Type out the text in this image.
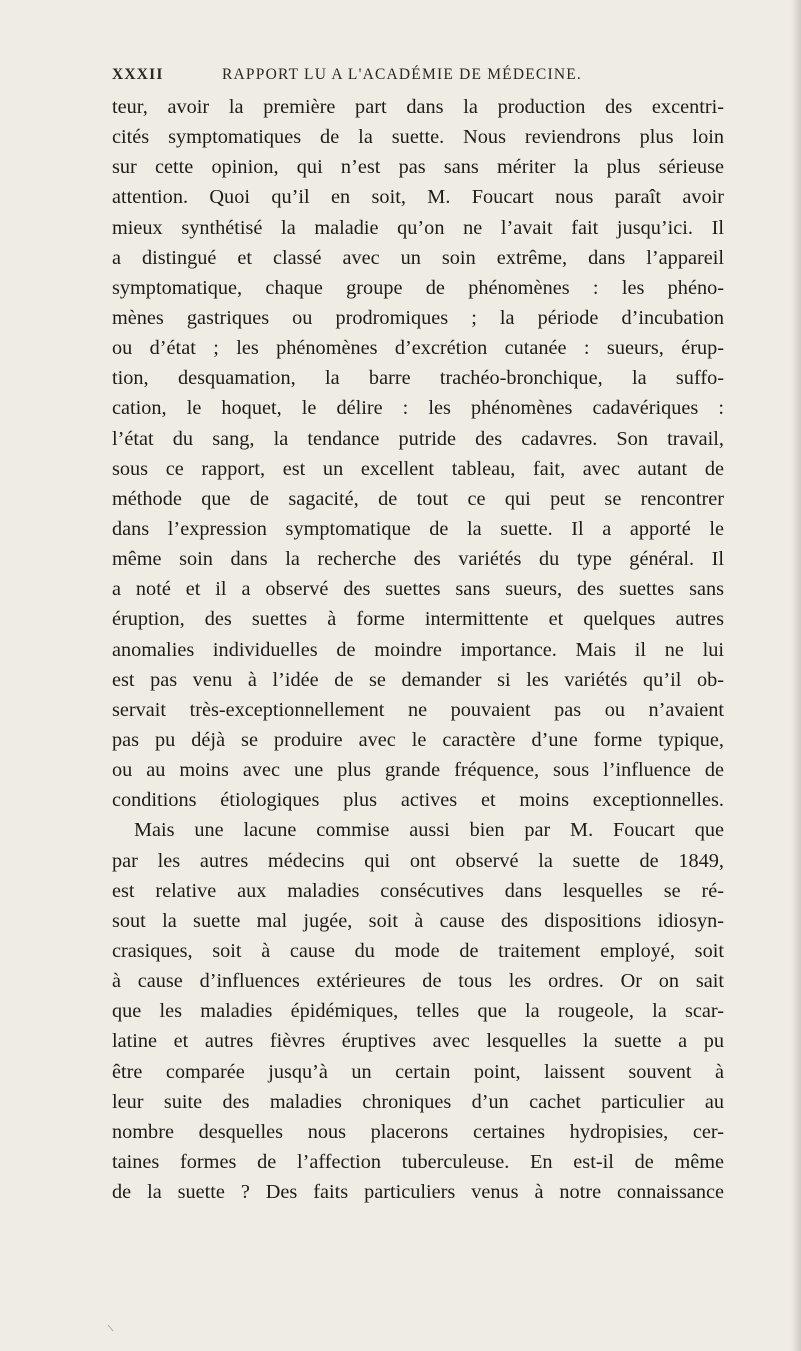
XXXII	RAPPORT LU A L'ACADÉMIE DE MÉDECINE.
teur, avoir la première part dans la production des excentri-
cités symptomatiques de la suette. Nous reviendrons plus loin
sur cette opinion, qui n’est pas sans mériter la plus sérieuse
attention. Quoi qu’il en soit, M. Foucart nous paraît avoir
mieux synthétisé la maladie qu’on ne l’avait fait jusqu’ici. Il
a distingué et classé avec un soin extrême, dans l’appareil
symptomatique, chaque groupe de phénomènes : les phéno-
mènes gastriques ou prodromiques ; la période d’incubation
ou d’état ; les phénomènes d’excrétion cutanée : sueurs, érup-
tion, desquamation, la barre trachéo-bronchique, la suffo-
cation, le hoquet, le délire : les phénomènes cadavériques :
l’état du sang, la tendance putride des cadavres. Son travail,
sous ce rapport, est un excellent tableau, fait, avec autant de
méthode que de sagacité, de tout ce qui peut se rencontrer
dans l’expression symptomatique de la suette. Il a apporté le
même soin dans la recherche des variétés du type général. Il
a noté et il a observé des suettes sans sueurs, des suettes sans
éruption, des suettes à forme intermittente et quelques autres
anomalies individuelles de moindre importance. Mais il ne lui
est pas venu à l’idée de se demander si les variétés qu’il ob-
servait très-exceptionnellement ne pouvaient pas ou n’avaient
pas pu déjà se produire avec le caractère d’une forme typique,
ou au moins avec une plus grande fréquence, sous l’influence de
conditions étiologiques plus actives et moins exceptionnelles.
Mais une lacune commise aussi bien par M. Foucart que
par les autres médecins qui ont observé la suette de 1849,
est relative aux maladies consécutives dans lesquelles se ré-
sout la suette mal jugée, soit à cause des dispositions idiosyn-
crasiques, soit à cause du mode de traitement employé, soit
à cause d’influences extérieures de tous les ordres. Or on sait
que les maladies épidémiques, telles que la rougeole, la scar-
latine et autres fièvres éruptives avec lesquelles la suette a pu
être comparée jusqu’à un certain point, laissent souvent à
leur suite des maladies chroniques d’un cachet particulier au
nombre desquelles nous placerons certaines hydropisies, cer-
taines formes de l’affection tuberculeuse. En est-il de même
de la suette ? Des faits particuliers venus à notre connaissance
